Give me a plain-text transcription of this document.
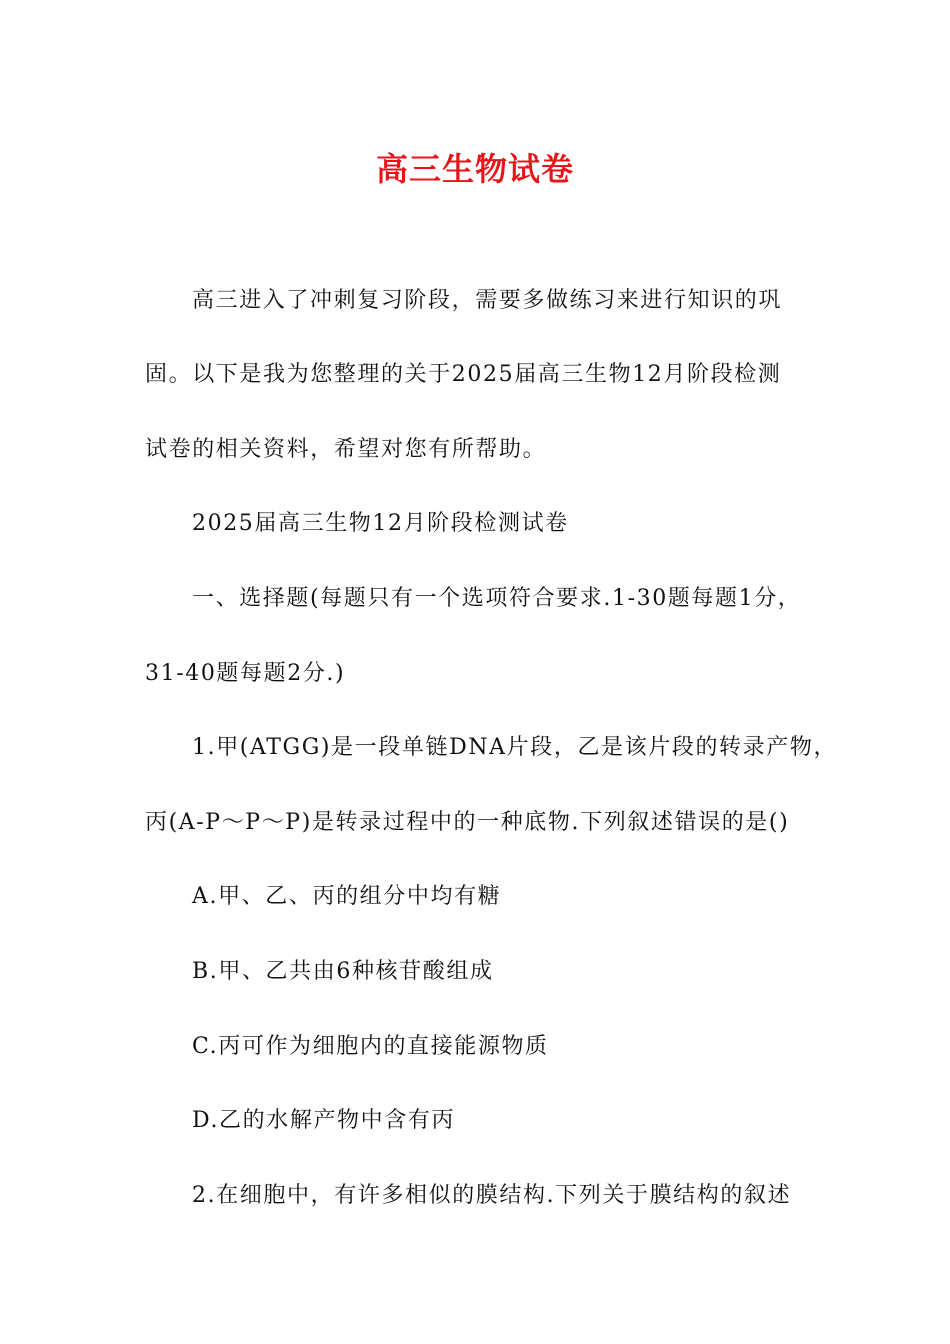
高三生物试卷
高三进入了冲刺复习阶段，需要多做练习来进行知识的巩
固。以下是我为您整理的关于2025届高三生物12月阶段检测
试卷的相关资料，希望对您有所帮助。
2025届高三生物12月阶段检测试卷
一、选择题(每题只有一个选项符合要求.1-30题每题1分，
31-40题每题2分.)
1.甲(ATGG)是一段单链DNA片段，乙是该片段的转录产物，
丙(A-P～P～P)是转录过程中的一种底物.下列叙述错误的是()
A.甲、乙、丙的组分中均有糖
B.甲、乙共由6种核苷酸组成
C.丙可作为细胞内的直接能源物质
D.乙的水解产物中含有丙
2.在细胞中，有许多相似的膜结构.下列关于膜结构的叙述
